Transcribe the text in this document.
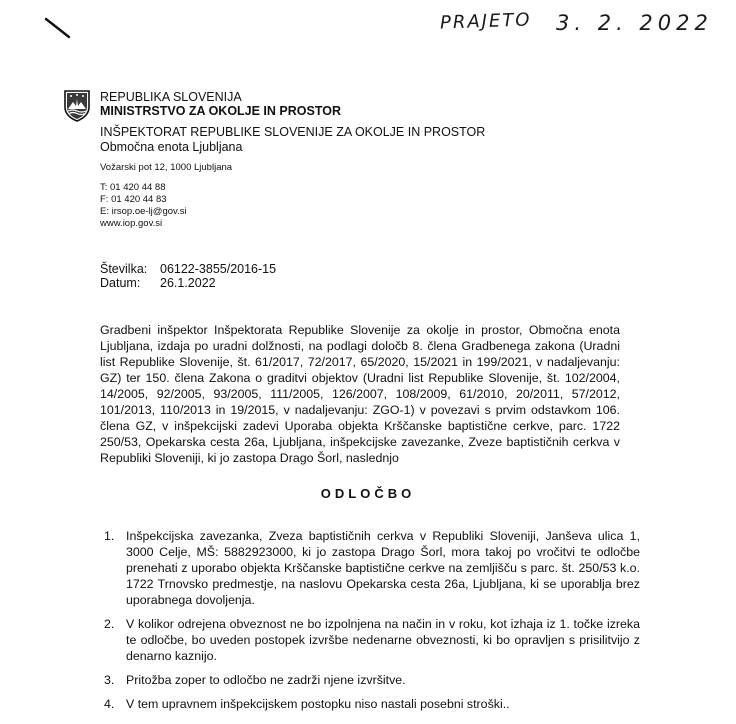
PRAJETO 3. 2. 2022
REPUBLIKA SLOVENIJA
MINISTRSTVO ZA OKOLJE IN PROSTOR
INŠPEKTORAT REPUBLIKE SLOVENIJE ZA OKOLJE IN PROSTOR
Območna enota Ljubljana
Vožarski pot 12, 1000 Ljubljana
T: 01 420 44 88
F: 01 420 44 83
E: irsop.oe-lj@gov.si
www.iop.gov.si
Številka: 06122-3855/2016-15
Datum: 26.1.2022
Gradbeni inšpektor Inšpektorata Republike Slovenije za okolje in prostor, Območna enota Ljubljana, izdaja po uradni dolžnosti, na podlagi določb 8. člena Gradbenega zakona (Uradni list Republike Slovenije, št. 61/2017, 72/2017, 65/2020, 15/2021 in 199/2021, v nadaljevanju: GZ) ter 150. člena Zakona o graditvi objektov (Uradni list Republike Slovenije, št. 102/2004, 14/2005, 92/2005, 93/2005, 111/2005, 126/2007, 108/2009, 61/2010, 20/2011, 57/2012, 101/2013, 110/2013 in 19/2015, v nadaljevanju: ZGO-1) v povezavi s prvim odstavkom 106. člena GZ, v inšpekcijski zadevi Uporaba objekta Krščanske baptistične cerkve, parc. 1722 250/53, Opekarska cesta 26a, Ljubljana, inšpekcijske zavezanke, Zveze baptističnih cerkva v Republiki Sloveniji, ki jo zastopa Drago Šorl, naslednjo
ODLOČBO
1. Inšpekcijska zavezanka, Zveza baptističnih cerkva v Republiki Sloveniji, Janševa ulica 1, 3000 Celje, MŠ: 5882923000, ki jo zastopa Drago Šorl, mora takoj po vročitvi te odločbe prenehati z uporabo objekta Krščanske baptistične cerkve na zemljišču s parc. št. 250/53 k.o. 1722 Trnovsko predmestje, na naslovu Opekarska cesta 26a, Ljubljana, ki se uporablja brez uporabnega dovoljenja.
2. V kolikor odrejena obveznost ne bo izpolnjena na način in v roku, kot izhaja iz 1. točke izreka te odločbe, bo uveden postopek izvršbe nedenarne obveznosti, ki bo opravljen s prisilitvijo z denarno kaznijo.
3. Pritožba zoper to odločbo ne zadrži njene izvršitve.
4. V tem upravnem inšpekcijskem postopku niso nastali posebni stroški..
